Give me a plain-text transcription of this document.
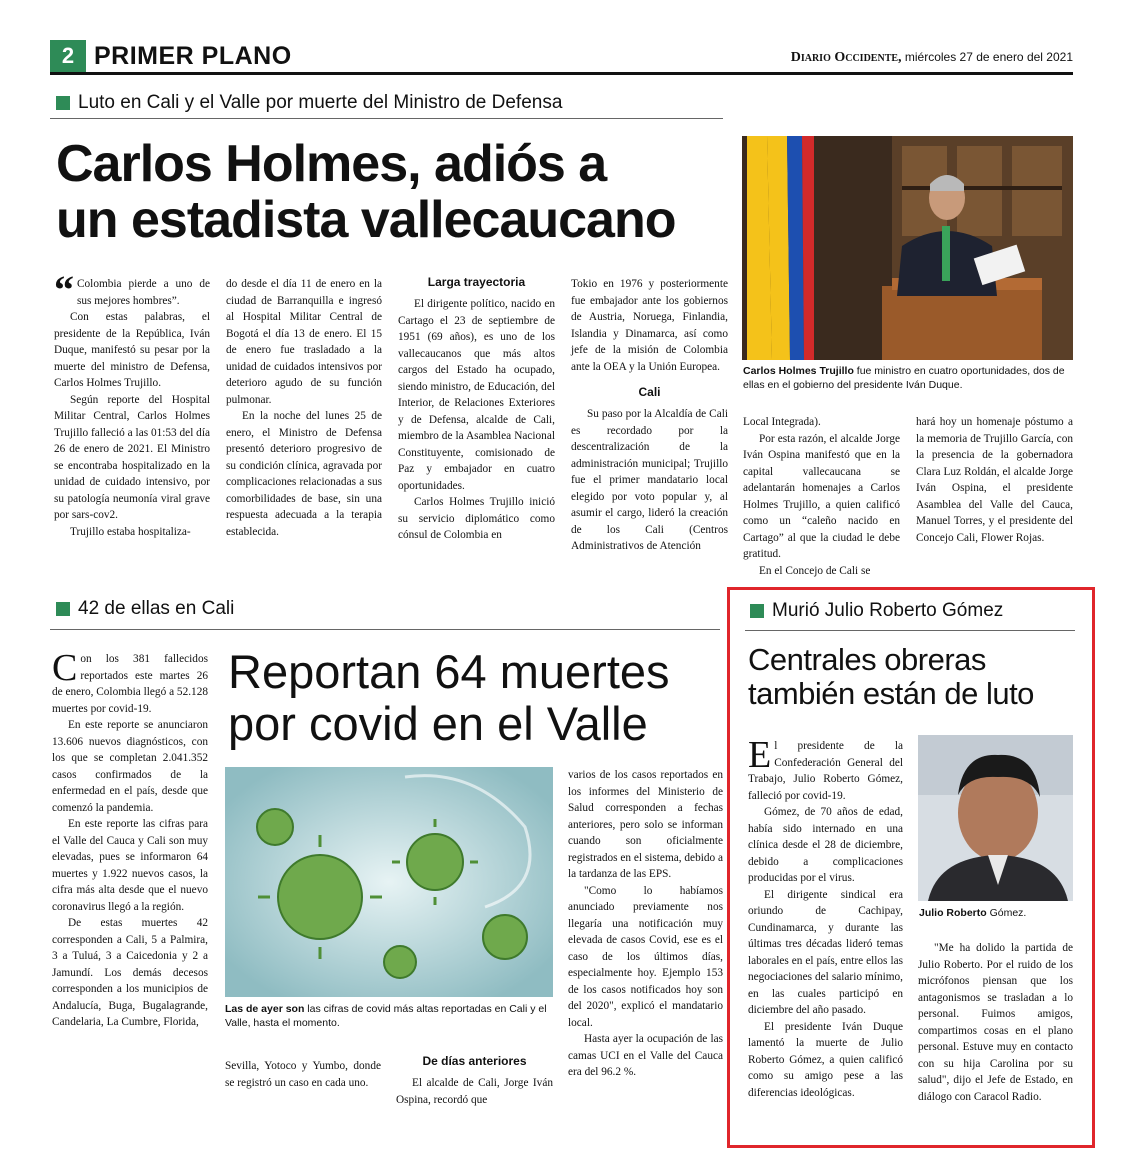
2 PRIMER PLANO	Diario Occidente, miércoles 27 de enero del 2021
Luto en Cali y el Valle por muerte del Ministro de Defensa
Carlos Holmes, adiós a
un estadista vallecaucano
Carlos Holmes Trujillo fue ministro en cuatro oportunidades, dos de ellas en el gobierno del presidente Iván Duque.

“ Colombia pierde a uno de sus mejores hombres”.

Con estas palabras, el presidente de la República, Iván Duque, manifestó su pesar por la muerte del ministro de Defensa, Carlos Holmes Trujillo.

Según reporte del Hospital Militar Central, Carlos Holmes Trujillo falleció a las 01:53 del día 26 de enero de 2021. El Ministro se encontraba hospitalizado en la unidad de cuidado intensivo, por su patología neumonía viral grave por sars-cov2.

Trujillo estaba hospitaliza-

do desde el día 11 de enero en la ciudad de Barranquilla e ingresó al Hospital Militar Central de Bogotá el día 13 de enero. El 15 de enero fue trasladado a la unidad de cuidados intensivos por deterioro agudo de su función pulmonar.

En la noche del lunes 25 de enero, el Ministro de Defensa presentó deterioro progresivo de su condición clínica, agravada por complicaciones relacionadas a sus comorbilidades de base, sin una respuesta adecuada a la terapia establecida.

Larga trayectoria

El dirigente político, nacido en Cartago el 23 de septiembre de 1951 (69 años), es uno de los vallecaucanos que más altos cargos del Estado ha ocupado, siendo ministro, de Educación, del Interior, de Relaciones Exteriores y de Defensa, alcalde de Cali, miembro de la Asamblea Nacional Constituyente, comisionado de Paz y embajador en cuatro oportunidades.

Carlos Holmes Trujillo inició su servicio diplomático como cónsul de Colombia en

Tokio en 1976 y posteriormente fue embajador ante los gobiernos de Austria, Noruega, Finlandia, Islandia y Dinamarca, así como jefe de la misión de Colombia ante la OEA y la Unión Europea.

Cali

Su paso por la Alcaldía de Cali es recordado por la descentralización de la administración municipal; Trujillo fue el primer mandatario local elegido por voto popular y, al asumir el cargo, lideró la creación de los Cali (Centros Administrativos de Atención

Local Integrada).

Por esta razón, el alcalde Jorge Iván Ospina manifestó que en la capital vallecaucana se adelantarán homenajes a Carlos Holmes Trujillo, a quien calificó como un “caleño nacido en Cartago” al que la ciudad le debe gratitud.

En el Concejo de Cali se

hará hoy un homenaje póstumo a la memoria de Trujillo García, con la presencia de la gobernadora Clara Luz Roldán, el alcalde Jorge Iván Ospina, el presidente Asamblea del Valle del Cauca, Manuel Torres, y el presidente del Concejo Cali, Flower Rojas.

42 de ellas en Cali
Reportan 64 muertes
por covid en el Valle
Las de ayer son las cifras de covid más altas reportadas en Cali y el Valle, hasta el momento.

Con los 381 fallecidos reportados este martes 26 de enero, Colombia llegó a 52.128 muertes por covid-19.

En este reporte se anunciaron 13.606 nuevos diagnósticos, con los que se completan 2.041.352 casos confirmados de la enfermedad en el país, desde que comenzó la pandemia.

En este reporte las cifras para el Valle del Cauca y Cali son muy elevadas, pues se informaron 64 muertes y 1.922 nuevos casos, la cifra más alta desde que el nuevo coronavirus llegó a la región.

De estas muertes 42 corresponden a Cali, 5 a Palmira, 3 a Tuluá, 3 a Caicedonia y 2 a Jamundí. Los demás decesos corresponden a los municipios de Andalucía, Buga, Bugalagrande, Candelaria, La Cumbre, Florida,

Sevilla, Yotoco y Yumbo, donde se registró un caso en cada uno.

De días anteriores

El alcalde de Cali, Jorge Iván Ospina, recordó que

varios de los casos reportados en los informes del Ministerio de Salud corresponden a fechas anteriores, pero solo se informan cuando son oficialmente registrados en el sistema, debido a la tardanza de las EPS.

"Como lo habíamos anunciado previamente nos llegaría una notificación muy elevada de casos Covid, ese es el caso de los últimos días, especialmente hoy. Ejemplo 153 de los casos notificados hoy son del 2020", explicó el mandatario local.

Hasta ayer la ocupación de las camas UCI en el Valle del Cauca era del 96.2 %.

Murió Julio Roberto Gómez
Centrales obreras
también están de luto
Julio Roberto Gómez.

El presidente de la Confederación General del Trabajo, Julio Roberto Gómez, falleció por covid-19.

Gómez, de 70 años de edad, había sido internado en una clínica desde el 28 de diciembre, debido a complicaciones producidas por el virus.

El dirigente sindical era oriundo de Cachipay, Cundinamarca, y durante las últimas tres décadas lideró temas laborales en el país, entre ellos las negociaciones del salario mínimo, en las cuales participó en diciembre del año pasado.

El presidente Iván Duque lamentó la muerte de Julio Roberto Gómez, a quien calificó como su amigo pese a las diferencias ideológicas.

"Me ha dolido la partida de Julio Roberto. Por el ruido de los micrófonos piensan que los antagonismos se trasladan a lo personal. Fuimos amigos, compartimos cosas en el plano personal. Estuve muy en contacto con su hija Carolina por su salud", dijo el Jefe de Estado, en diálogo con Caracol Radio.
